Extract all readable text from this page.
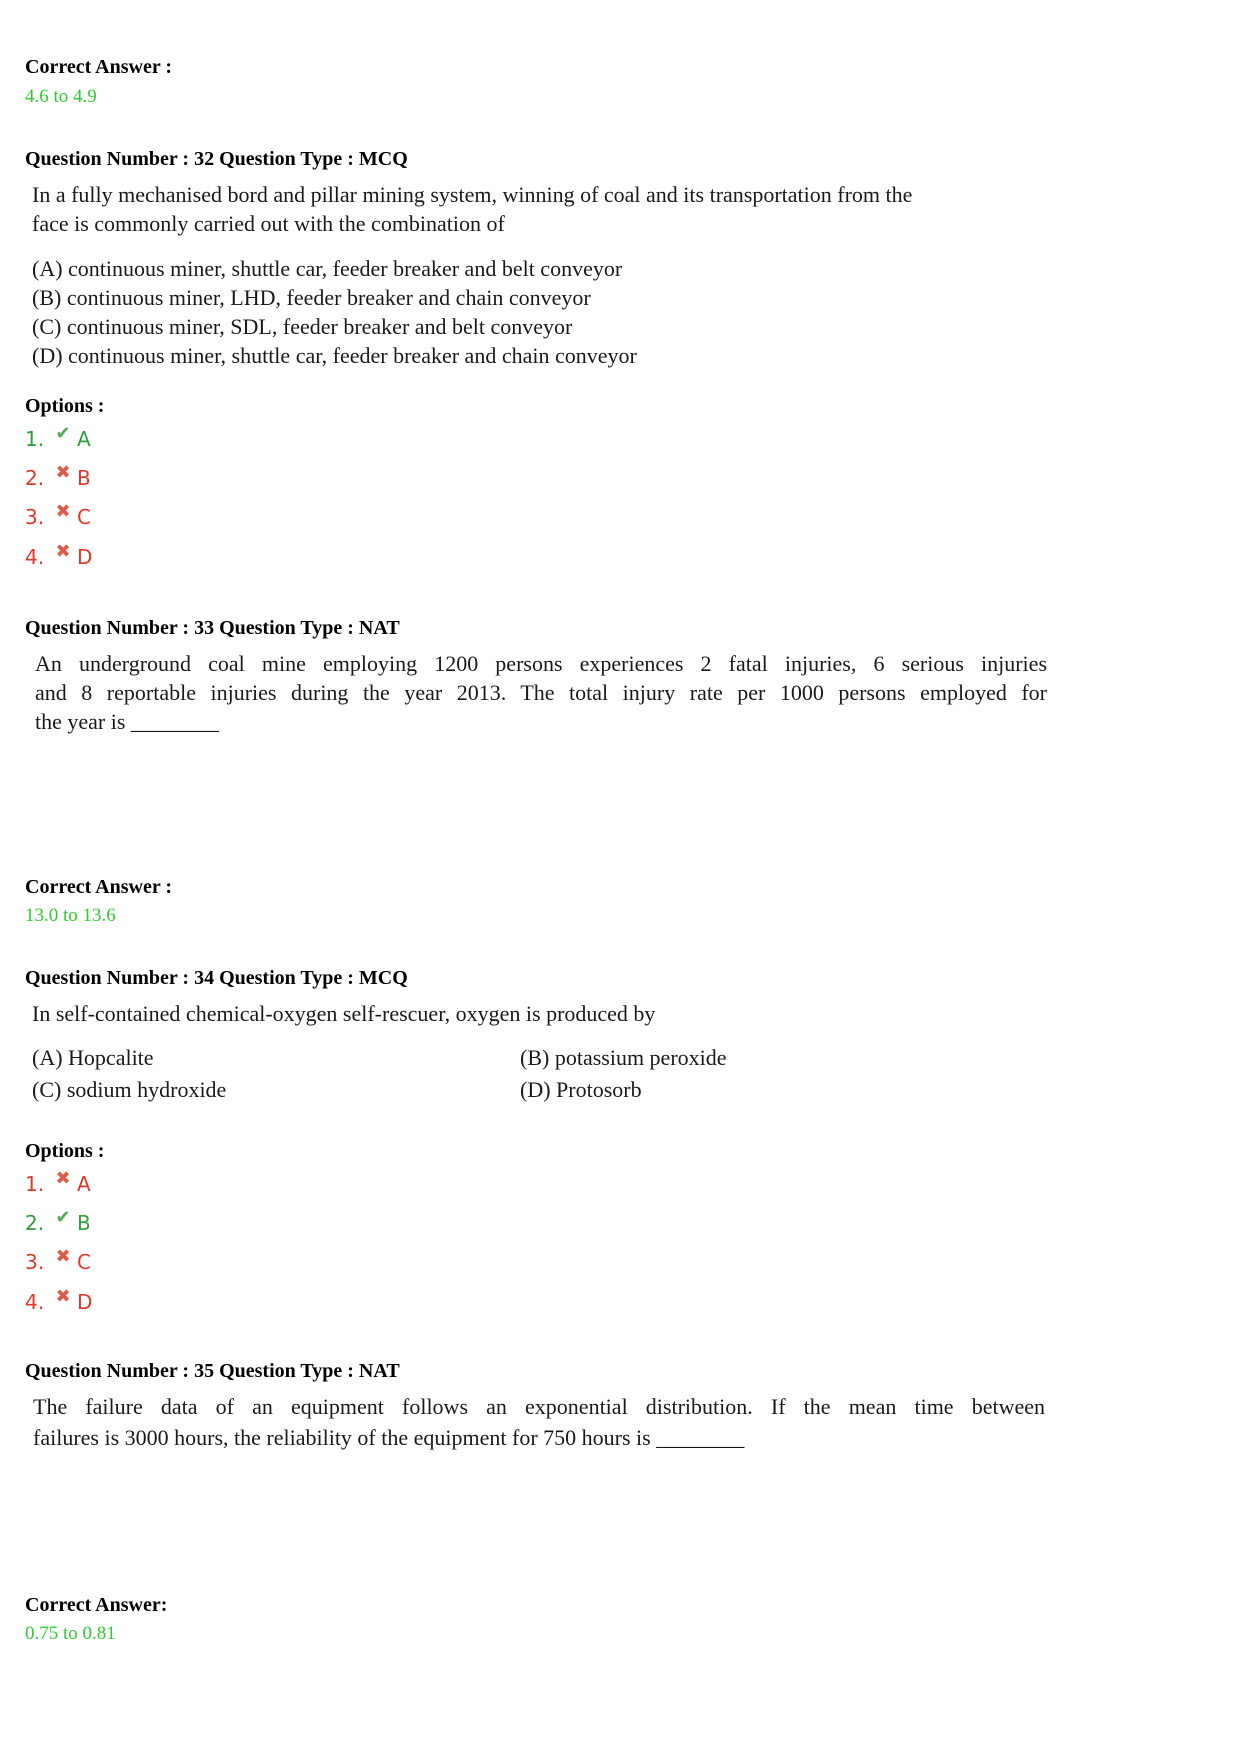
Correct Answer :
4.6 to 4.9
Question Number : 32 Question Type : MCQ
In a fully mechanised bord and pillar mining system, winning of coal and its transportation from the
face is commonly carried out with the combination of
(A) continuous miner, shuttle car, feeder breaker and belt conveyor
(B) continuous miner, LHD, feeder breaker and chain conveyor
(C) continuous miner, SDL, feeder breaker and belt conveyor
(D) continuous miner, shuttle car, feeder breaker and chain conveyor
Options :
1. ✔ A
2. ✖ B
3. ✖ C
4. ✖ D
Question Number : 33 Question Type : NAT
An underground coal mine employing 1200 persons experiences 2 fatal injuries, 6 serious injuries
and 8 reportable injuries during the year 2013. The total injury rate per 1000 persons employed for
the year is ________
Correct Answer :
13.0 to 13.6
Question Number : 34 Question Type : MCQ
In self-contained chemical-oxygen self-rescuer, oxygen is produced by
(A) Hopcalite	(B) potassium peroxide
(C) sodium hydroxide	(D) Protosorb
Options :
1. ✖ A
2. ✔ B
3. ✖ C
4. ✖ D
Question Number : 35 Question Type : NAT
The failure data of an equipment follows an exponential distribution. If the mean time between
failures is 3000 hours, the reliability of the equipment for 750 hours is ________
Correct Answer:
0.75 to 0.81
